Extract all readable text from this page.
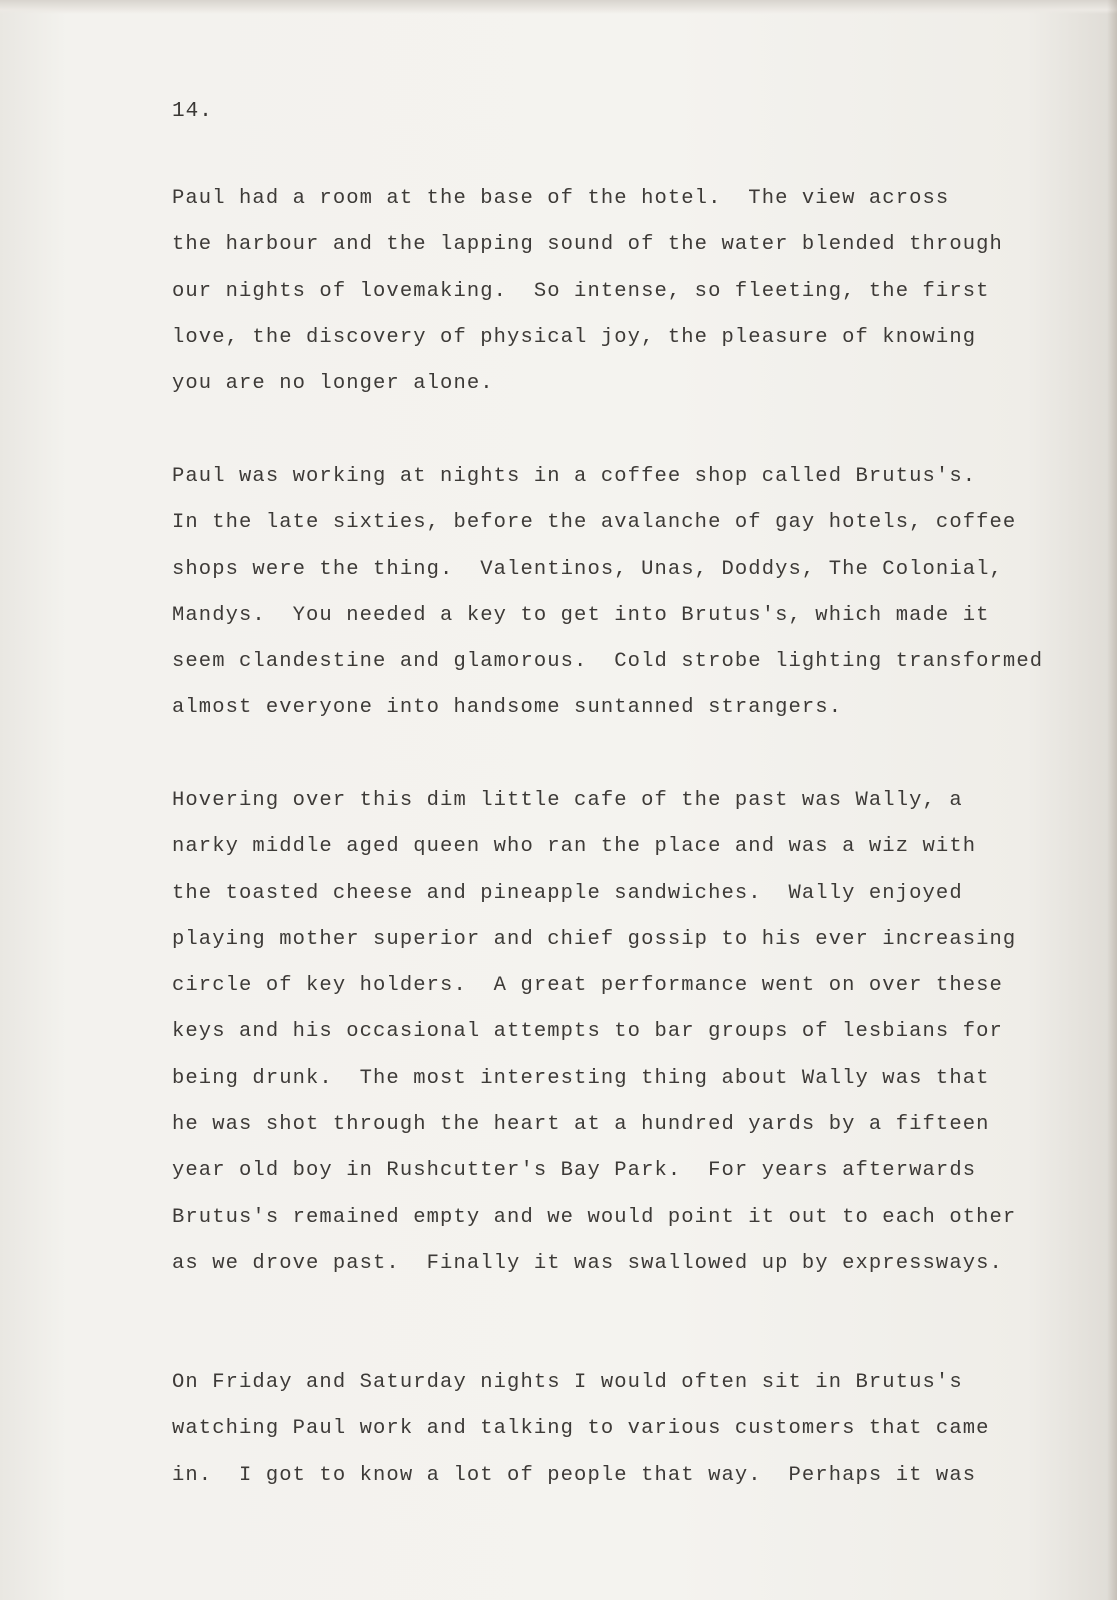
14.
Paul had a room at the base of the hotel.  The view across
the harbour and the lapping sound of the water blended through
our nights of lovemaking.  So intense, so fleeting, the first
love, the discovery of physical joy, the pleasure of knowing
you are no longer alone.
Paul was working at nights in a coffee shop called Brutus's.
In the late sixties, before the avalanche of gay hotels, coffee
shops were the thing.  Valentinos, Unas, Doddys, The Colonial,
Mandys.  You needed a key to get into Brutus's, which made it
seem clandestine and glamorous.  Cold strobe lighting transformed
almost everyone into handsome suntanned strangers.
Hovering over this dim little cafe of the past was Wally, a
narky middle aged queen who ran the place and was a wiz with
the toasted cheese and pineapple sandwiches.  Wally enjoyed
playing mother superior and chief gossip to his ever increasing
circle of key holders.  A great performance went on over these
keys and his occasional attempts to bar groups of lesbians for
being drunk.  The most interesting thing about Wally was that
he was shot through the heart at a hundred yards by a fifteen
year old boy in Rushcutter's Bay Park.  For years afterwards
Brutus's remained empty and we would point it out to each other
as we drove past.  Finally it was swallowed up by expressways.
On Friday and Saturday nights I would often sit in Brutus's
watching Paul work and talking to various customers that came
in.  I got to know a lot of people that way.  Perhaps it was
